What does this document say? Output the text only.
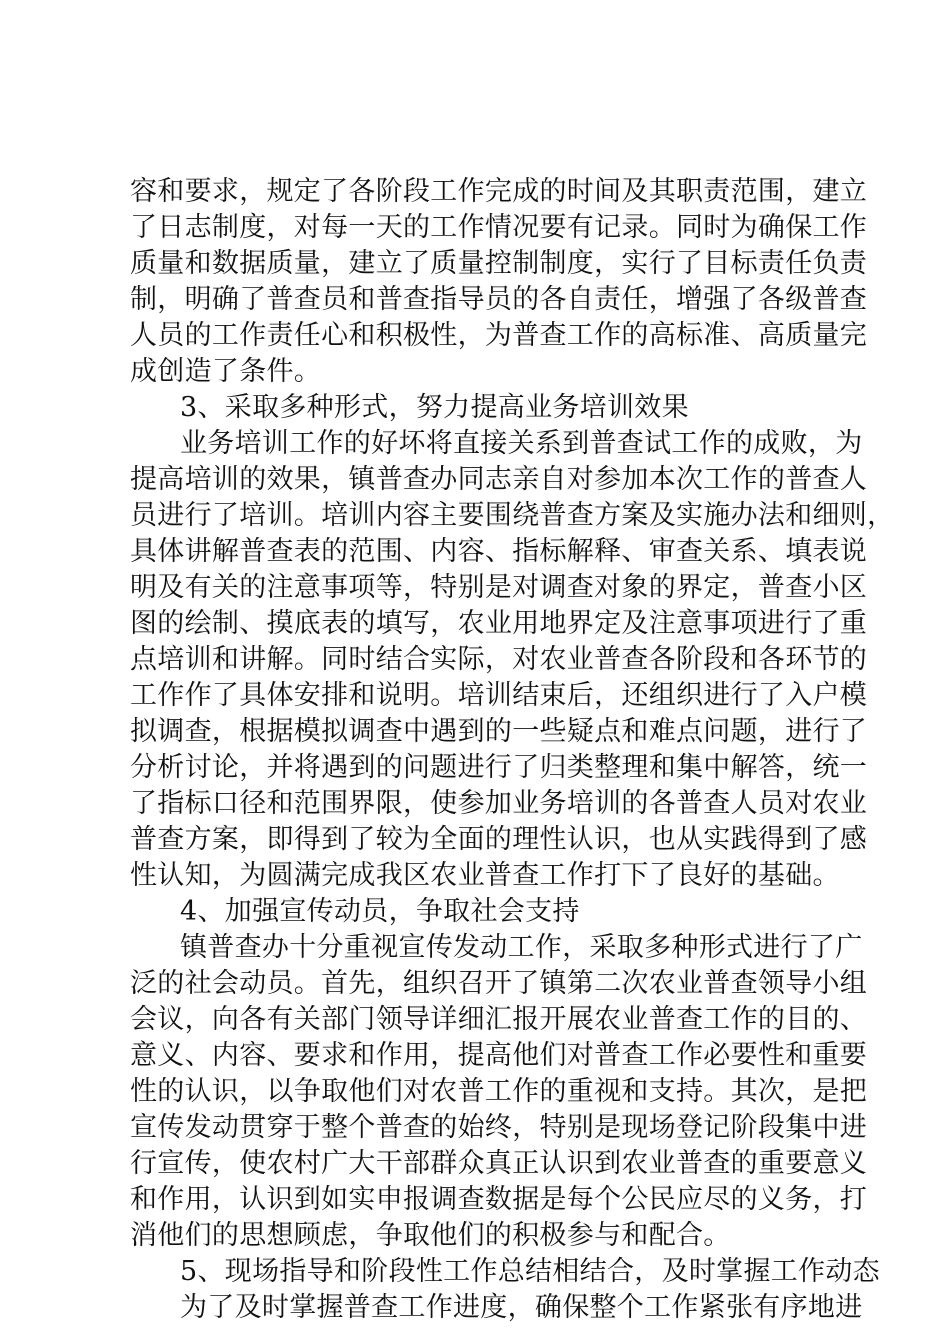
容和要求，规定了各阶段工作完成的时间及其职责范围，建立
了日志制度，对每一天的工作情况要有记录。同时为确保工作
质量和数据质量，建立了质量控制制度，实行了目标责任负责
制，明确了普查员和普查指导员的各自责任，增强了各级普查
人员的工作责任心和积极性，为普查工作的高标准、高质量完
成创造了条件。
3、采取多种形式，努力提高业务培训效果
业务培训工作的好坏将直接关系到普查试工作的成败，为
提高培训的效果，镇普查办同志亲自对参加本次工作的普查人
员进行了培训。培训内容主要围绕普查方案及实施办法和细则，
具体讲解普查表的范围、内容、指标解释、审查关系、填表说
明及有关的注意事项等，特别是对调查对象的界定，普查小区
图的绘制、摸底表的填写，农业用地界定及注意事项进行了重
点培训和讲解。同时结合实际，对农业普查各阶段和各环节的
工作作了具体安排和说明。培训结束后，还组织进行了入户模
拟调查，根据模拟调查中遇到的一些疑点和难点问题，进行了
分析讨论，并将遇到的问题进行了归类整理和集中解答，统一
了指标口径和范围界限，使参加业务培训的各普查人员对农业
普查方案，即得到了较为全面的理性认识，也从实践得到了感
性认知，为圆满完成我区农业普查工作打下了良好的基础。
4、加强宣传动员，争取社会支持
镇普查办十分重视宣传发动工作，采取多种形式进行了广
泛的社会动员。首先，组织召开了镇第二次农业普查领导小组
会议，向各有关部门领导详细汇报开展农业普查工作的目的、
意义、内容、要求和作用，提高他们对普查工作必要性和重要
性的认识，以争取他们对农普工作的重视和支持。其次，是把
宣传发动贯穿于整个普查的始终，特别是现场登记阶段集中进
行宣传，使农村广大干部群众真正认识到农业普查的重要意义
和作用，认识到如实申报调查数据是每个公民应尽的义务，打
消他们的思想顾虑，争取他们的积极参与和配合。
5、现场指导和阶段性工作总结相结合，及时掌握工作动态
为了及时掌握普查工作进度，确保整个工作紧张有序地进
